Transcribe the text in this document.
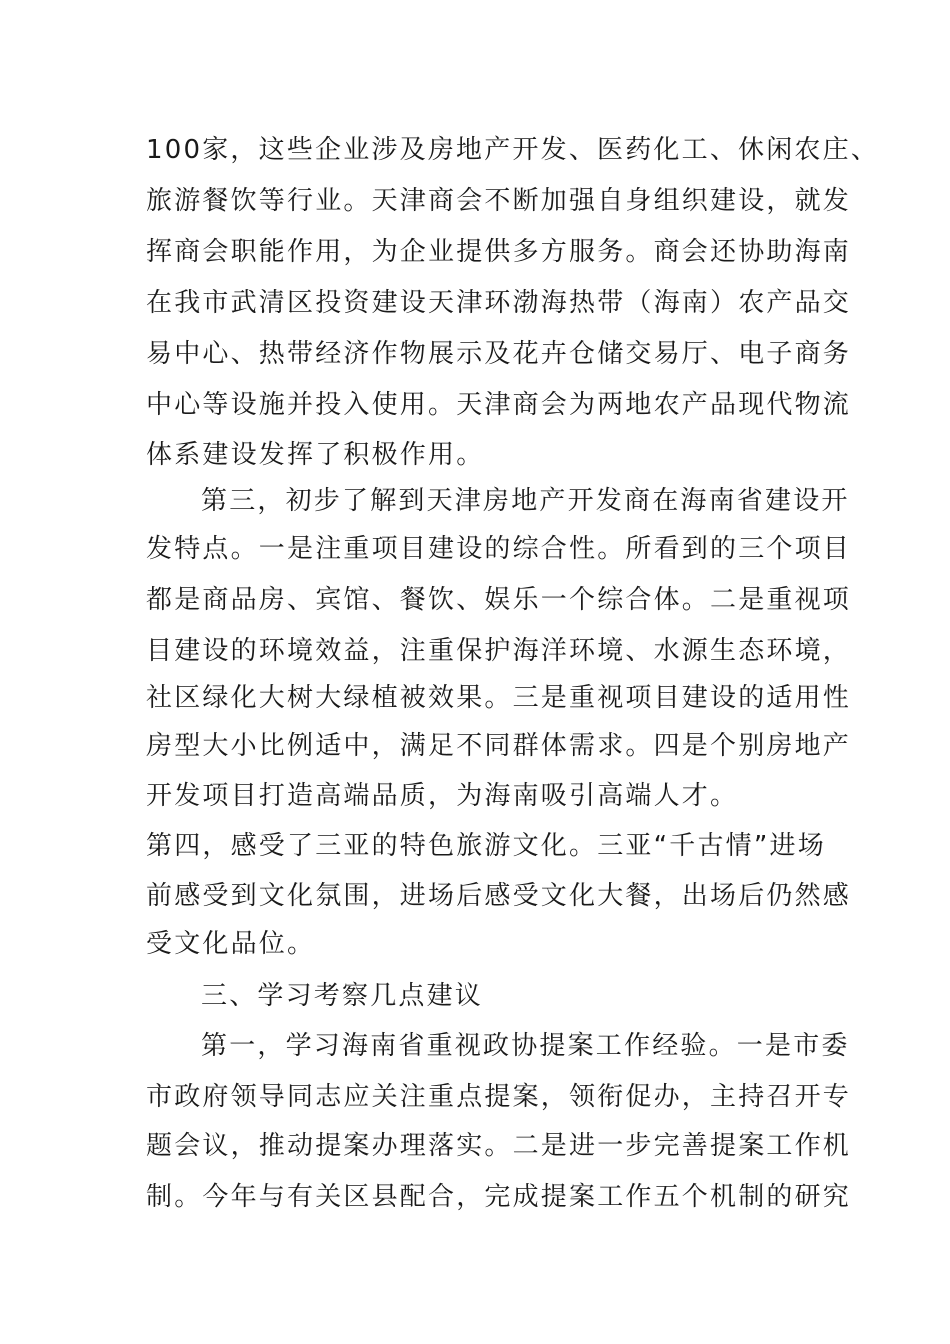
100家，这些企业涉及房地产开发、医药化工、休闲农庄、
旅游餐饮等行业。天津商会不断加强自身组织建设，就发
挥商会职能作用，为企业提供多方服务。商会还协助海南
在我市武清区投资建设天津环渤海热带（海南）农产品交
易中心、热带经济作物展示及花卉仓储交易厅、电子商务
中心等设施并投入使用。天津商会为两地农产品现代物流
体系建设发挥了积极作用。
第三，初步了解到天津房地产开发商在海南省建设开
发特点。一是注重项目建设的综合性。所看到的三个项目
都是商品房、宾馆、餐饮、娱乐一个综合体。二是重视项
目建设的环境效益，注重保护海洋环境、水源生态环境，
社区绿化大树大绿植被效果。三是重视项目建设的适用性
房型大小比例适中，满足不同群体需求。四是个别房地产
开发项目打造高端品质，为海南吸引高端人才。
第四，感受了三亚的特色旅游文化。三亚“千古情”进场
前感受到文化氛围，进场后感受文化大餐，出场后仍然感
受文化品位。
三、学习考察几点建议
第一，学习海南省重视政协提案工作经验。一是市委
市政府领导同志应关注重点提案，领衔促办，主持召开专
题会议，推动提案办理落实。二是进一步完善提案工作机
制。今年与有关区县配合，完成提案工作五个机制的研究
